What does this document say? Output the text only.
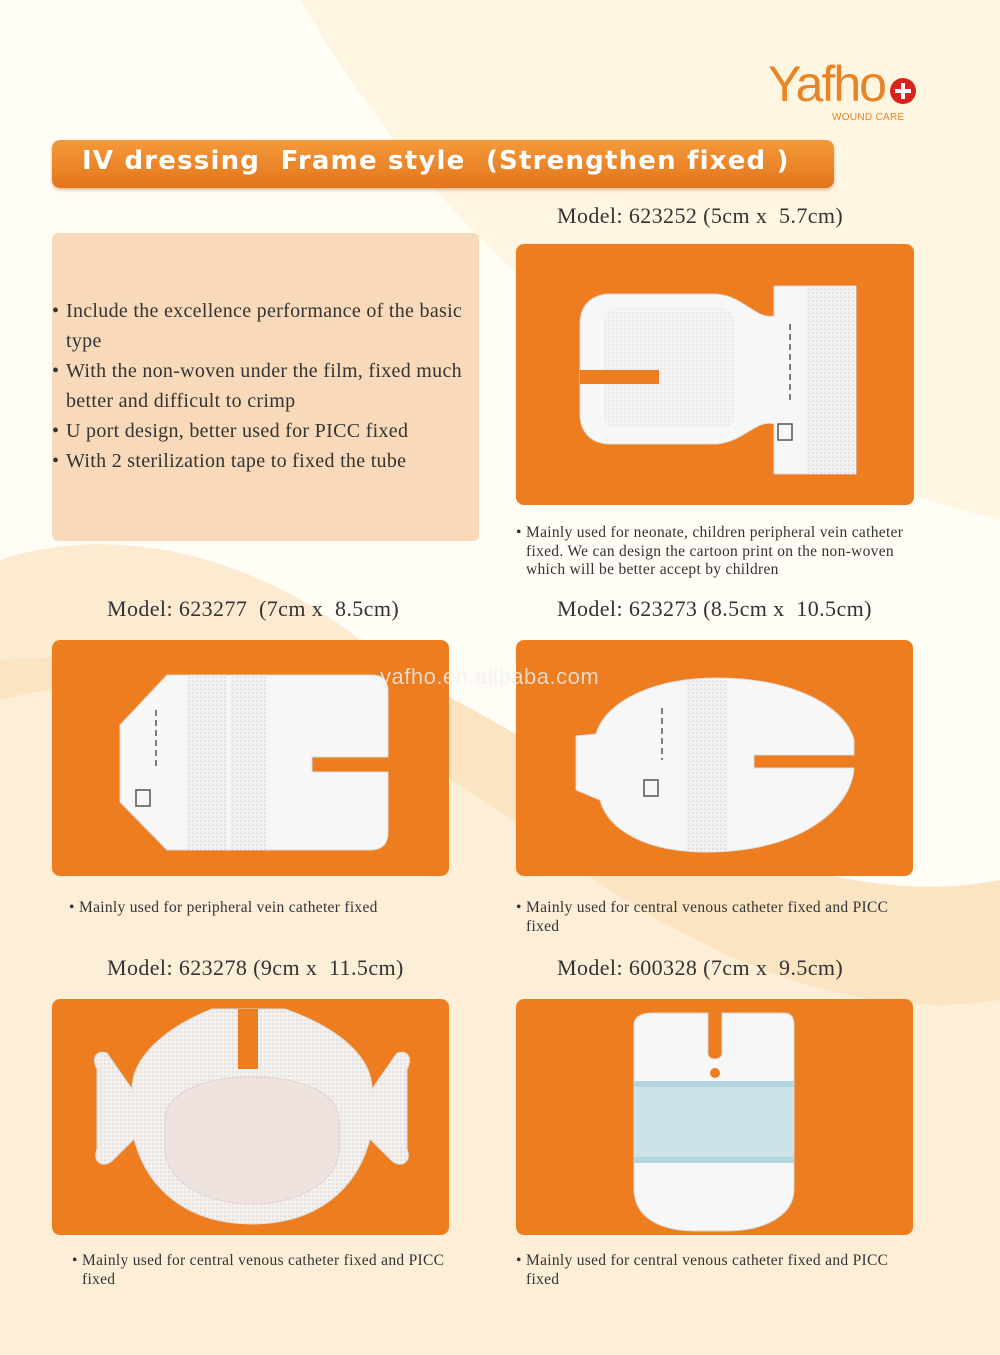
Yafho
WOUND CARE
IV dressing  Frame style  (Strengthen fixed )
Model: 623252 (5cm x  5.7cm)
• Include the excellence performance of the basic type
• With the non-woven under the film, fixed much better and difficult to crimp
• U port design, better used for PICC fixed
• With 2 sterilization tape to fixed the tube
• Mainly used for neonate, children peripheral vein catheter fixed. We can design the cartoon print on the non-woven which will be better accept by children
Model: 623277  (7cm x  8.5cm)	Model: 623273 (8.5cm x  10.5cm)
yafho.en.alibaba.com
• Mainly used for peripheral vein catheter fixed
•	Mainly used for central venous catheter fixed and PICC fixed
Model: 623278 (9cm x  11.5cm)	Model: 600328 (7cm x  9.5cm)
• Mainly used for central venous catheter fixed and PICC fixed
• Mainly used for central venous catheter fixed and PICC fixed
